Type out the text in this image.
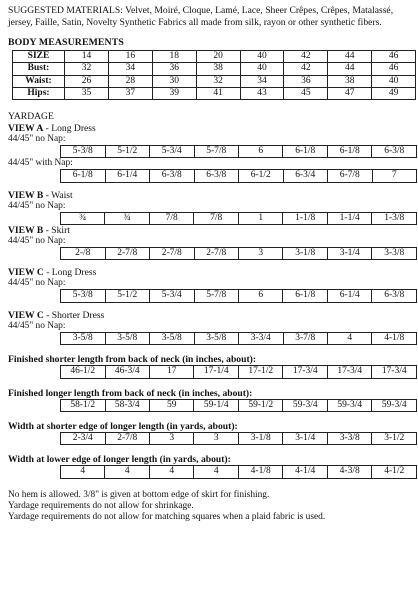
SUGGESTED MATERIALS: Velvet, Moiré, Cloque, Lamé, Lace, Sheer Crêpes, Crêpes, Matalassé, jersey, Faille, Satin, Novelty Synthetic Fabrics all made from silk, rayon or other synthetic fibers.

BODY MEASUREMENTS
SIZE	14	16	18	20	40	42	44	46
Bust:	32	34	36	38	40	42	44	46
Waist:	26	28	30	32	34	36	38	40
Hips:	35	37	39	41	43	45	47	49
YARDAGE
VIEW A - Long Dress
44/45" no Nap:
5-3/8	5-1/2	5-3/4	5-7/8	6	6-1/8	6-1/8	6-3/8
44/45" with Nap:
6-1/8	6-1/4	6-3/8	6-3/8	6-1/2	6-3/4	6-7/8	7
VIEW B - Waist
44/45" no Nap:
¾	¾	7/8	7/8	1	1-1/8	1-1/4	1-3/8
VIEW B - Skirt
44/45" no Nap:
2-/8	2-7/8	2-7/8	2-7/8	3	3-1/8	3-1/4	3-3/8
VIEW C - Long Dress
44/45" no Nap:
5-3/8	5-1/2	5-3/4	5-7/8	6	6-1/8	6-1/4	6-3/8
VIEW C - Shorter Dress
44/45" no Nap:
3-5/8	3-5/8	3-5/8	3-5/8	3-3/4	3-7/8	4	4-1/8
Finished shorter length from back of neck (in inches, about):
46-1/2	46-3/4	17	17-1/4	17-1/2	17-3/4	17-3/4	17-3/4
Finished longer length from back of neck (in inches, about):
58-1/2	58-3/4	59	59-1/4	59-1/2	59-3/4	59-3/4	59-3/4
Width at shorter edge of longer length (in yards, about):
2-3/4	2-7/8	3	3	3-1/8	3-1/4	3-3/8	3-1/2
Width at lower edge of longer length (in yards, about):
4	4	4	4	4-1/8	4-1/4	4-3/8	4-1/2
No hem is allowed. 3/8" is given at bottom edge of skirt for finishing.
Yardage requirements do not allow for shrinkage.
Yardage requirements do not allow for matching squares when a plaid fabric is used.
